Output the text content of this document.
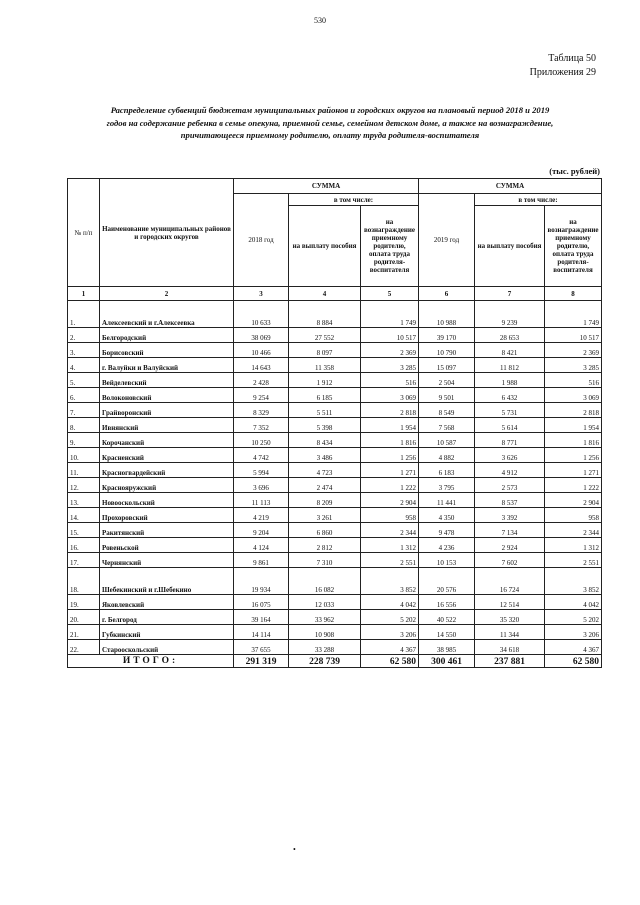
530
Таблица 50
Приложения 29
Распределение субвенций бюджетам муниципальных районов и городских округов на плановый период 2018 и 2019
годов на содержание ребенка в семье опекуна, приемной семье, семейном детском доме, а также на вознаграждение,
причитающееся приемному родителю, оплату труда родителя-воспитателя
(тыс. рублей)
№ п/п	Наименование муниципальных районов и городских округов	СУММА			СУММА		
		2018 год	в том числе:		2019 год	в том числе:	
			на выплату пособия	на вознаграждение приемному родителю, оплата труда родителя-воспитателя		на выплату пособия	на вознаграждение приемному родителю, оплата труда родителя-воспитателя
1	2	3	4	5	6	7	8
1.	Алексеевский и г.Алексеевка	10 633	8 884	1 749	10 988	9 239	1 749
2.	Белгородский	38 069	27 552	10 517	39 170	28 653	10 517
3.	Борисовский	10 466	8 097	2 369	10 790	8 421	2 369
4.	г. Валуйки и Валуйский	14 643	11 358	3 285	15 097	11 812	3 285
5.	Вейделевский	2 428	1 912	516	2 504	1 988	516
6.	Волоконовский	9 254	6 185	3 069	9 501	6 432	3 069
7.	Грайворонский	8 329	5 511	2 818	8 549	5 731	2 818
8.	Ивнянский	7 352	5 398	1 954	7 568	5 614	1 954
9.	Корочанский	10 250	8 434	1 816	10 587	8 771	1 816
10.	Красненский	4 742	3 486	1 256	4 882	3 626	1 256
11.	Красногвардейский	5 994	4 723	1 271	6 183	4 912	1 271
12.	Краснояружский	3 696	2 474	1 222	3 795	2 573	1 222
13.	Новооскольский	11 113	8 209	2 904	11 441	8 537	2 904
14.	Прохоровский	4 219	3 261	958	4 350	3 392	958
15.	Ракитянский	9 204	6 860	2 344	9 478	7 134	2 344
16.	Ровеньской	4 124	2 812	1 312	4 236	2 924	1 312
17.	Чернянский	9 861	7 310	2 551	10 153	7 602	2 551
18.	Шебекинский и г.Шебекино	19 934	16 082	3 852	20 576	16 724	3 852
19.	Яковлевский	16 075	12 033	4 042	16 556	12 514	4 042
20.	г. Белгород	39 164	33 962	5 202	40 522	35 320	5 202
21.	Губкинский	14 114	10 908	3 206	14 550	11 344	3 206
22.	Старооскольский	37 655	33 288	4 367	38 985	34 618	4 367
ИТОГО:		291 319	228 739	62 580	300 461	237 881	62 580
•
